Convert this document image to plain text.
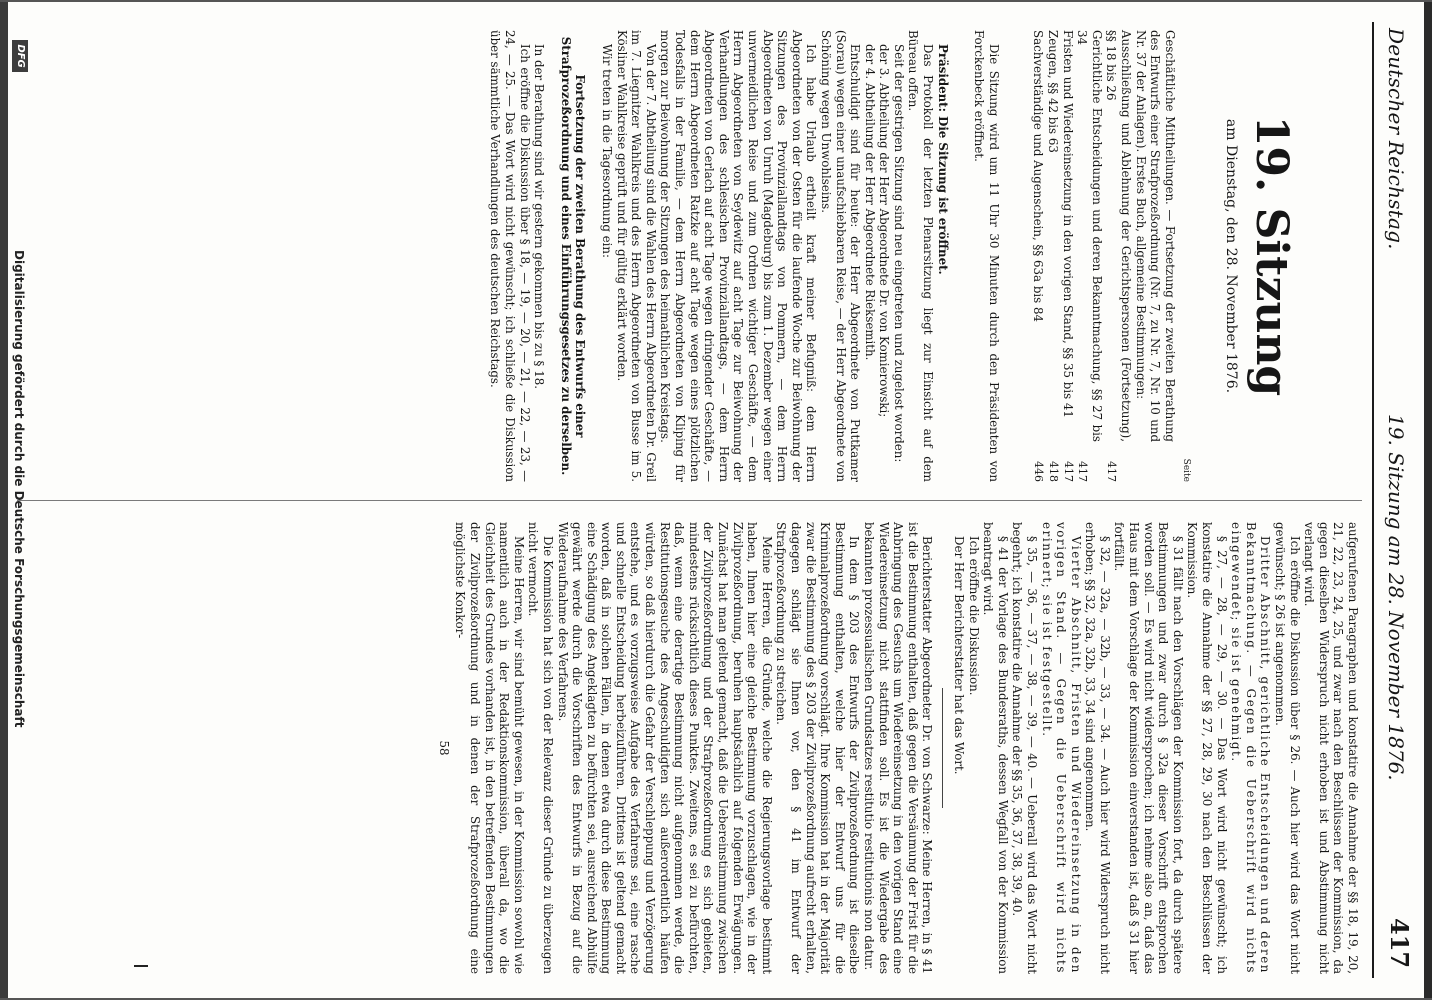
Deutscher Reichstag.
19. Sitzung am 28. November 1876.
417
19. Sitzung
am Dienstag, den 28. November 1876.
Seite

Geschäftliche Mittheilungen. — Fortsetzung der zweiten Berathung des Entwurfs einer Strafprozeßordnung (Nr. 7, zu Nr. 7, Nr. 10 und Nr. 37 der Anlagen). Erstes Buch, allgemeine Bestimmungen:

Ausschließung und Ablehnung der Gerichtspersonen (Fortsetzung), §§ 18 bis 26
417

Gerichtliche Entscheidungen und deren Bekanntmachung, §§ 27 bis 34
417

Fristen und Wiedereinsetzung in den vorigen Stand, §§ 35 bis 41
417

Zeugen, §§ 42 bis 63
418

Sachverständige und Augenschein, §§ 63a bis 84
446

Die Sitzung wird um 11 Uhr 30 Minuten durch den Präsidenten von Forckenbeck eröffnet.

Präsident: Die Sitzung ist eröffnet.

Das Protokoll der letzten Plenarsitzung liegt zur Einsicht auf dem Büreau offen.

Seit der gestrigen Sitzung sind neu eingetreten und zugelost worden:

der 3. Abtheilung der Herr Abgeordnete Dr. von Komierowski;

der 4. Abtheilung der Herr Abgeordnete Rieksemith.

Entschuldigt sind für heute: der Herr Abgeordnete von Puttkamer (Sorau) wegen einer unaufschiebbaren Reise, — der Herr Abgeordnete von Schöning wegen Unwohlseins.

Ich habe Urlaub ertheilt kraft meiner Befugniß: dem Herrn Abgeordneten von der Osten für die laufende Woche zur Beiwohnung der Sitzungen des Provinziallandtags von Pommern, — dem Herrn Abgeordneten von Unruh (Magdeburg) bis zum 1. Dezember wegen einer unvermeidlichen Reise und zum Ordnen wichtiger Geschäfte, — dem Herrn Abgeordneten von Seydewitz auf acht Tage zur Beiwohnung der Verhandlungen des schlesischen Provinziallandtags, — dem Herrn Abgeordneten von Gerlach auf acht Tage wegen dringender Geschäfte, — dem Herrn Abgeordneten Ratzke auf acht Tage wegen eines plötzlichen Todesfalls in der Familie, — dem Herrn Abgeordneten von Kliping für morgen zur Beiwohnung der Sitzungen des heimathlichen Kreistags.

Von der 7. Abtheilung sind die Wahlen des Herrn Abgeordneten Dr. Greil im 7. Liegnitzer Wahlkreis und des Herrn Abgeordneten von Busse im 5. Kösliner Wahlkreise geprüft und für gültig erklärt worden.

Wir treten in die Tagesordnung ein:

Fortsetzung der zweiten Berathung des Entwurfs einer Strafprozeßordnung und eines Einführungsgesetzes zu derselben.

In der Berathung sind wir gestern gekommen bis zu § 18.

Ich eröffne die Diskussion über § 18, — 19, — 20, — 21, — 22, — 23, — 24, — 25. — Das Wort wird nicht gewünscht; ich schließe die Diskussion über sämmtliche Verhandlungen des deutschen Reichstags.

aufgerufenen Paragraphen und konstatire die Annahme der §§ 18, 19, 20, 21, 22, 23, 24, 25, und zwar nach den Beschlüssen der Kommission, da gegen dieselben Widerspruch nicht erhoben ist und Abstimmung nicht verlangt wird.

Ich eröffne die Diskussion über § 26. — Auch hier wird das Wort nicht gewünscht; § 26 ist angenommen.

Dritter Abschnitt, gerichtliche Entscheidungen und deren Bekanntmachung. — Gegen die Ueberschrift wird nichts eingewendet; sie ist genehmigt.

§ 27, — 28, — 29, — 30. — Das Wort wird nicht gewünscht; ich konstatire die Annahme der §§ 27, 28, 29, 30 nach den Beschlüssen der Kommission.

§ 31 fällt nach den Vorschlägen der Kommission fort, da durch spätere Bestimmungen und zwar durch § 32a dieser Vorschrift entsprochen worden soll. — Es wird nicht widersprochen; ich nehme also an, daß das Haus mit dem Vorschlage der Kommission einverstanden ist, daß § 31 hier fortfällt.

§ 32, — 32a, — 32b, — 33, — 34. — Auch hier wird Widerspruch nicht erhoben; §§ 32, 32a, 32b, 33, 34 sind angenommen.

Vierter Abschnitt, Fristen und Wiedereinsetzung in den vorigen Stand. — Gegen die Ueberschrift wird nichts erinnert; sie ist festgestellt.

§ 35, — 36, — 37, — 38, — 39, — 40. — Ueberall wird das Wort nicht begehrt; ich konstatire die Annahme der §§ 35, 36, 37, 38, 39, 40.

§ 41 der Vorlage des Bundesraths, dessen Wegfall von der Kommission beantragt wird.

Ich eröffne die Diskussion.

Der Herr Berichterstatter hat das Wort.

Berichterstatter Abgeordneter Dr. von Schwarze: Meine Herren, in § 41 ist die Bestimmung enthalten, daß gegen die Versäumung der Frist für die Anbringung des Gesuchs um Wiedereinsetzung in den vorigen Stand eine Wiedereinsetzung nicht stattfinden soll. Es ist die Wiedergabe des bekannten prozessualischen Grundsatzes restitutio restitutionis non datur.

In dem § 203 des Entwurfs der Zivilprozeßordnung ist dieselbe Bestimmung enthalten, welche hier der Entwurf uns für die Kriminalprozeßordnung vorschlägt. Ihre Kommission hat in der Majorität zwar die Bestimmung des § 203 der Zivilprozeßordnung aufrecht erhalten, dagegen schlägt sie Ihnen vor, den § 41 im Entwurf der Strafprozeßordnung zu streichen.

Meine Herren, die Gründe, welche die Regierungsvorlage bestimmt haben, Ihnen hier eine gleiche Bestimmung vorzuschlagen, wie in der Zivilprozeßordnung, beruhen hauptsächlich auf folgenden Erwägungen. Zunächst hat man geltend gemacht, daß die Uebereinstimmung zwischen der Zivilprozeßordnung und der Strafprozeßordnung es sich gebieten, mindestens rücksichtlich dieses Punktes. Zweitens, es sei zu befürchten, daß, wenn eine derartige Bestimmung nicht aufgenommen werde, die Restitutionsgesuche des Angeschuldigten sich außerordentlich häufen würden, so daß hierdurch die Gefahr der Verschleppung und Verzögerung entstehe, und es vorzugsweise Aufgabe des Verfahrens sei, eine rasche und schnelle Entscheidung herbeizuführen. Drittens ist geltend gemacht worden, daß in solchen Fällen, in denen etwa durch diese Bestimmung eine Schädigung des Angeklagten zu befürchten sei, ausreichend Abhülfe gewährt werde durch die Vorschriften des Entwurfs in Bezug auf die Wiederaufnahme des Verfahrens.

Die Kommission hat sich von der Relevanz dieser Gründe zu überzeugen nicht vermocht.

Meine Herren, wir sind bemüht gewesen, in der Kommission sowohl wie namentlich auch in der Redaktionskommission, überall da, wo die Gleichheit des Grundes vorhanden ist, in den betreffenden Bestimmungen der Zivilprozeßordnung und in denen der Strafprozeßordnung eine möglichste Konkor-

58
DFG
Digitalisierung gefördert durch die Deutsche Forschungsgemeinschaft
